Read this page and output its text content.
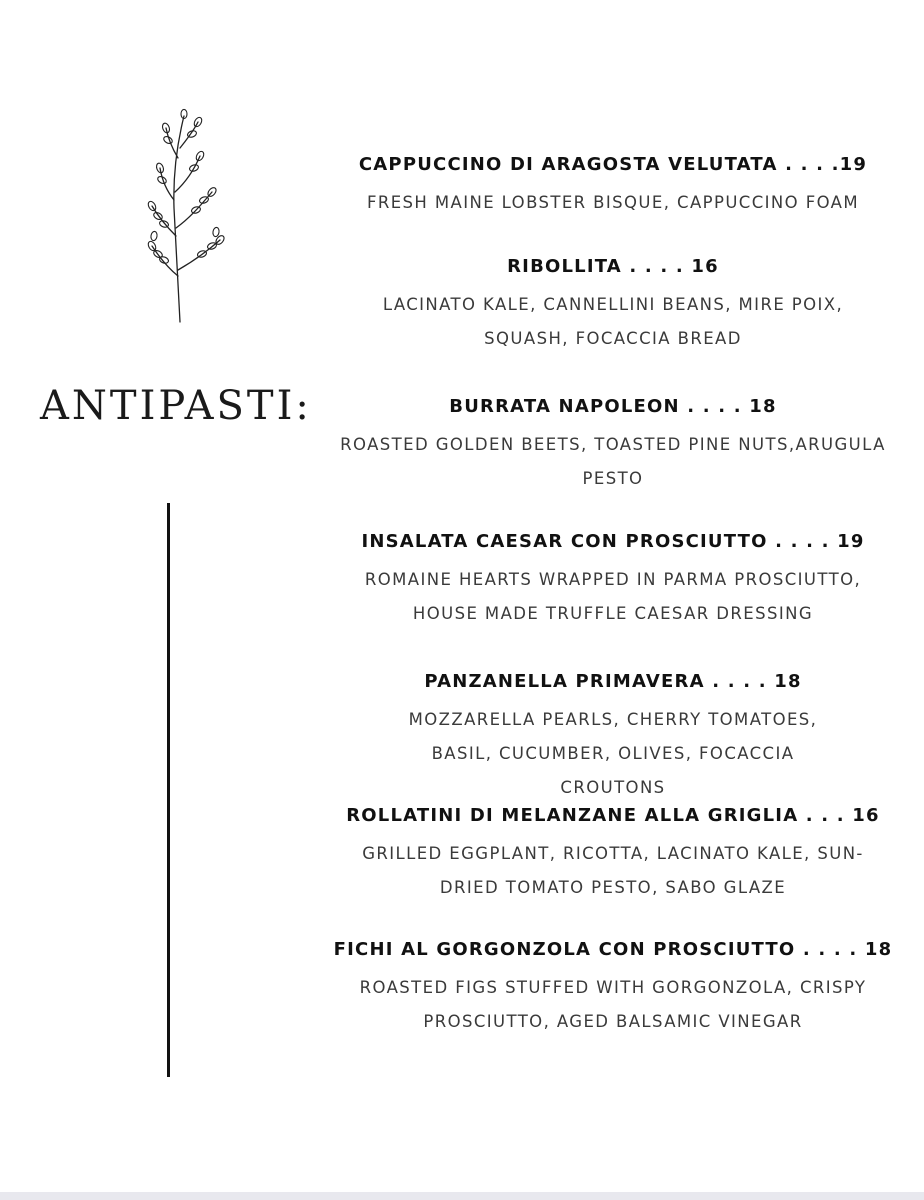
ANTIPASTI:
CAPPUCCINO DI ARAGOSTA VELUTATA . . . .19
FRESH MAINE LOBSTER BISQUE, CAPPUCCINO FOAM
RIBOLLITA . . . . 16
LACINATO KALE, CANNELLINI BEANS, MIRE POIX, SQUASH, FOCACCIA BREAD
BURRATA NAPOLEON . . . . 18
ROASTED GOLDEN BEETS, TOASTED PINE NUTS,ARUGULA PESTO
INSALATA CAESAR CON PROSCIUTTO . . . . 19
ROMAINE HEARTS WRAPPED IN PARMA PROSCIUTTO, HOUSE MADE TRUFFLE CAESAR DRESSING
PANZANELLA PRIMAVERA . . . . 18
MOZZARELLA PEARLS, CHERRY TOMATOES, BASIL, CUCUMBER, OLIVES, FOCACCIA CROUTONS
ROLLATINI DI MELANZANE ALLA GRIGLIA . . . 16
GRILLED EGGPLANT, RICOTTA, LACINATO KALE, SUN-DRIED TOMATO PESTO, SABO GLAZE
FICHI AL GORGONZOLA CON PROSCIUTTO . . . . 18
ROASTED FIGS STUFFED WITH GORGONZOLA, CRISPY PROSCIUTTO, AGED BALSAMIC VINEGAR
